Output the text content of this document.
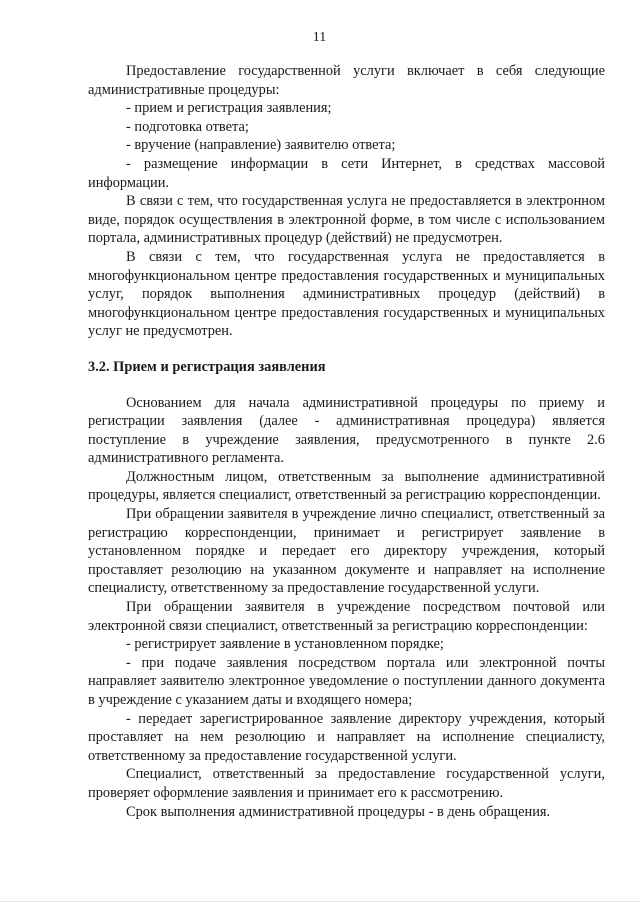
11

Предоставление государственной услуги включает в себя следующие административные процедуры:

- прием и регистрация заявления;

- подготовка ответа;

- вручение (направление) заявителю ответа;

- размещение информации в сети Интернет, в средствах массовой информации.

В связи с тем, что государственная услуга не предоставляется в электронном виде, порядок осуществления в электронной форме, в том числе с использованием портала, административных процедур (действий) не предусмотрен.

В связи с тем, что государственная услуга не предоставляется в многофункциональном центре предоставления государственных и муниципальных услуг, порядок выполнения административных процедур (действий) в многофункциональном центре предоставления государственных и муниципальных услуг не предусмотрен.

3.2. Прием и регистрация заявления

Основанием для начала административной процедуры по приему и регистрации заявления (далее - административная процедура) является поступление в учреждение заявления, предусмотренного в пункте 2.6 административного регламента.

Должностным лицом, ответственным за выполнение административной процедуры, является специалист, ответственный за регистрацию корреспонденции.

При обращении заявителя в учреждение лично специалист, ответственный за регистрацию корреспонденции, принимает и регистрирует заявление в установленном порядке и передает его директору учреждения, который проставляет резолюцию на указанном документе и направляет на исполнение специалисту, ответственному за предоставление государственной услуги.

При обращении заявителя в учреждение посредством почтовой или электронной связи специалист, ответственный за регистрацию корреспонденции:

- регистрирует заявление в установленном порядке;

- при подаче заявления посредством портала или электронной почты направляет заявителю электронное уведомление о поступлении данного документа в учреждение с указанием даты и входящего номера;

- передает зарегистрированное заявление директору учреждения, который проставляет на нем резолюцию и направляет на исполнение специалисту, ответственному за предоставление государственной услуги.

Специалист, ответственный за предоставление государственной услуги, проверяет оформление заявления и принимает его к рассмотрению.

Срок выполнения административной процедуры - в день обращения.
